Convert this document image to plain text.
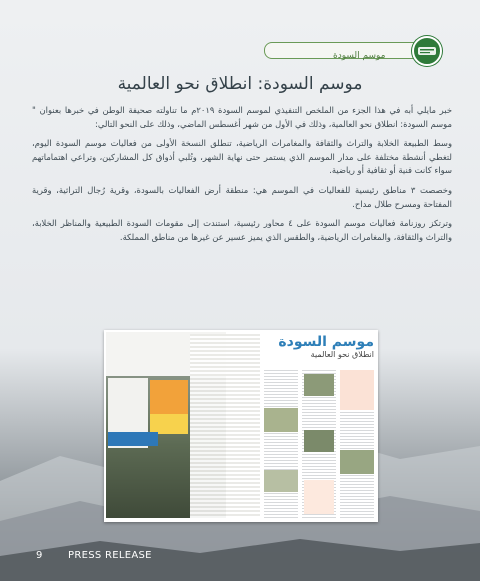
موسم السودة
موسم السودة: انطلاق نحو العالمية

خبر مايلي أبه في هذا الجزء من الملخص التنفيذي لموسم السودة ٢٠١٩م ما تناولته صحيفة الوطن في خبرها بعنوان " موسم السودة: انطلاق نحو العالمية، وذلك في الأول من شهر أغسطس الماضي، وذلك على النحو التالي:

وسط الطبيعة الخلابة والتراث والثقافة والمغامرات الرياضية، تنطلق النسخة الأولى من فعاليات موسم السودة اليوم، لتغطي أنشطة مختلفة على مدار الموسم الذي يستمر حتى نهاية الشهر، وتُلبي أذواق كل المشاركين، وتراعي اهتماماتهم سواء كانت فنية أو ثقافية أو رياضية.

وخصصت ٣ مناطق رئيسية للفعاليات في الموسم هي: منطقة أرض الفعاليات بالسودة، وقرية رُجال التراثية، وقرية المفتاحة ومسرح طلال مداح.

وترتكز روزنامة فعاليات موسم السودة على ٤ محاور رئيسية، استندت إلى مقومات السودة الطبيعية والمناظر الخلابة، والتراث والثقافة، والمغامرات الرياضية، والطقس الذي يميز عسير عن غيرها من مناطق المملكة.

موسم السودة
انطلاق نحو العالمية
9	PRESS RELEASE
